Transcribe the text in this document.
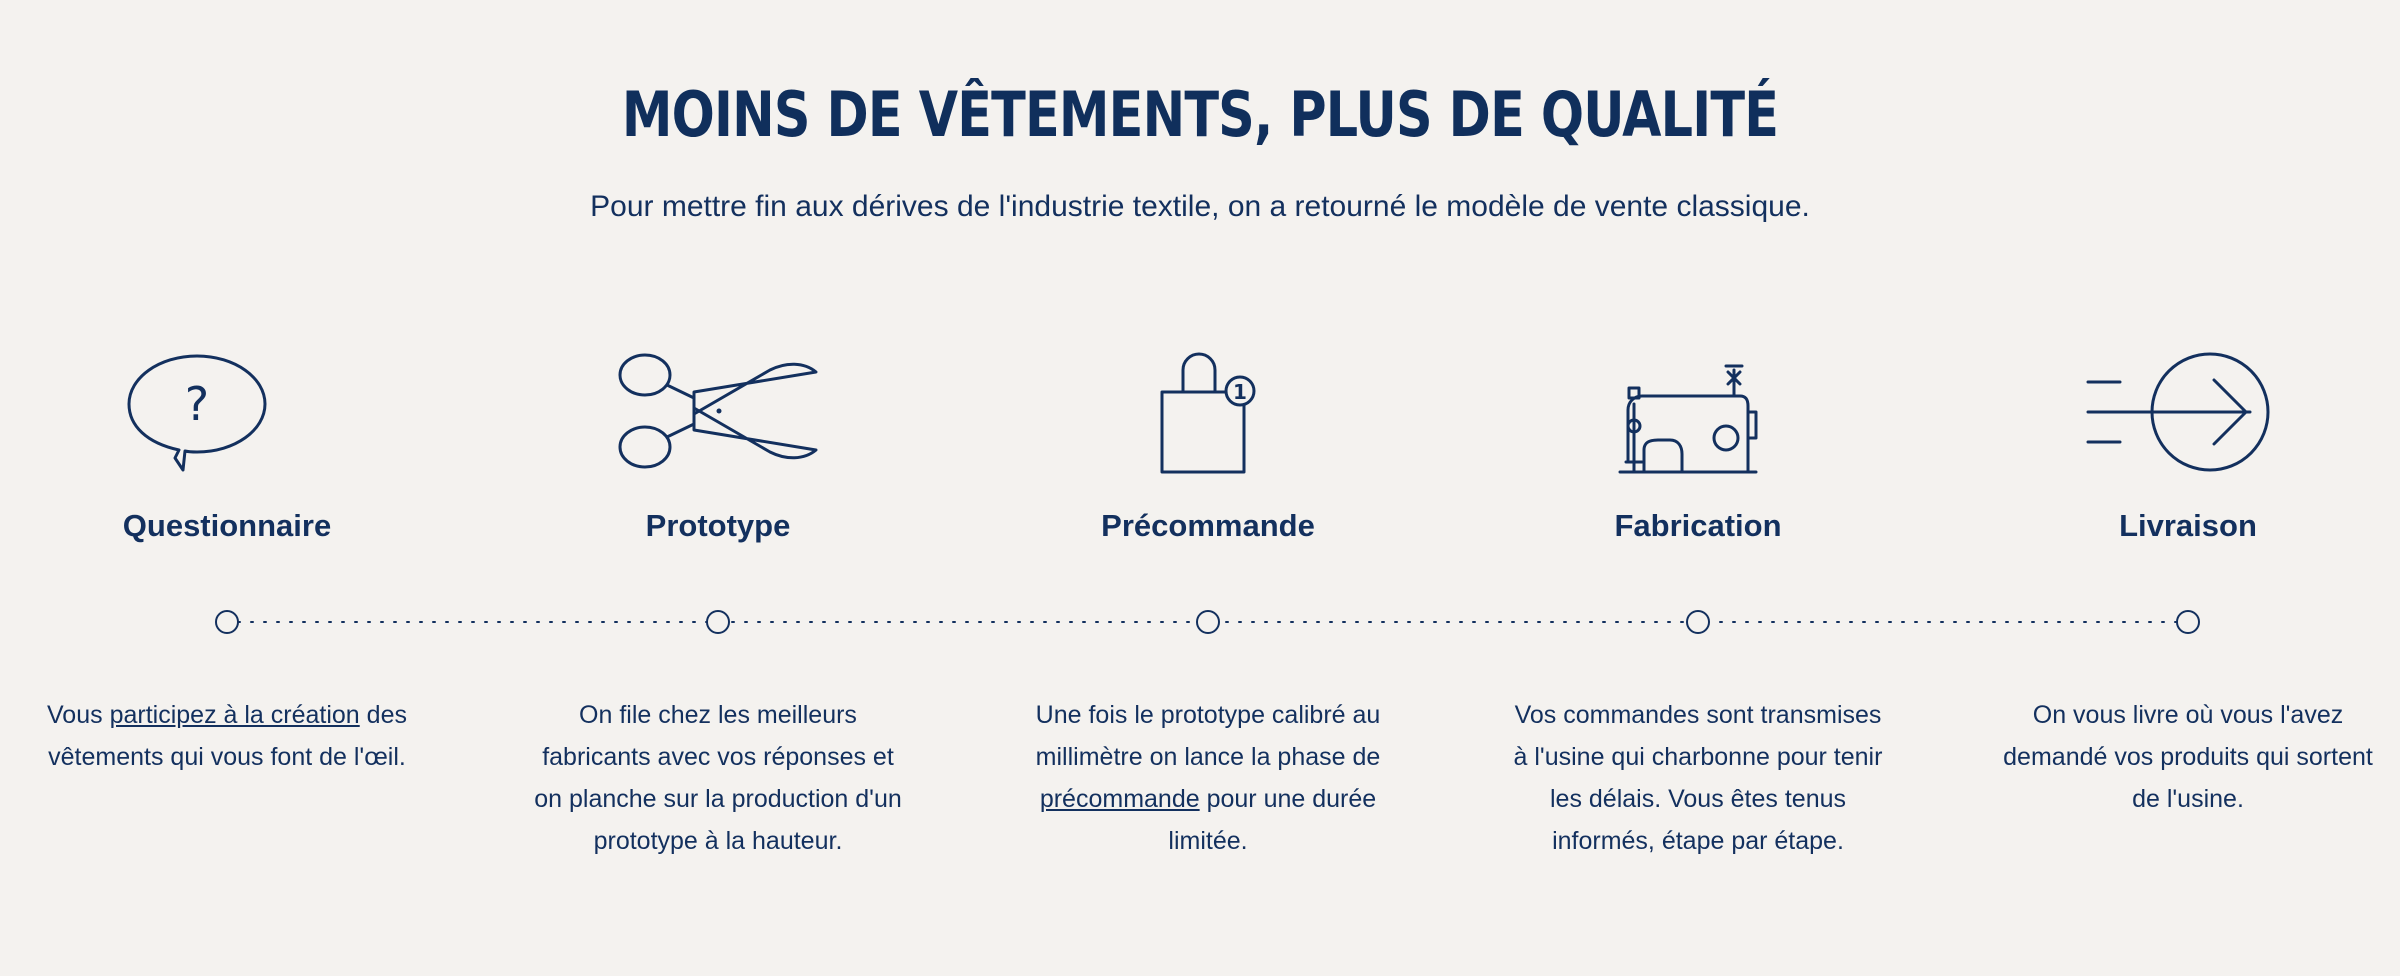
MOINS DE VÊTEMENTS, PLUS DE QUALITÉ
Pour mettre fin aux dérives de l'industrie textile, on a retourné le modèle de vente classique.
?	1
Questionnaire	Prototype	Précommande	Fabrication	Livraison
Vous participez à la création des vêtements qui vous font de l'œil.
On file chez les meilleurs fabricants avec vos réponses et on planche sur la production d'un prototype à la hauteur.
Une fois le prototype calibré au millimètre on lance la phase de précommande pour une durée limitée.
Vos commandes sont transmises à l'usine qui charbonne pour tenir les délais. Vous êtes tenus informés, étape par étape.
On vous livre où vous l'avez demandé vos produits qui sortent de l'usine.
